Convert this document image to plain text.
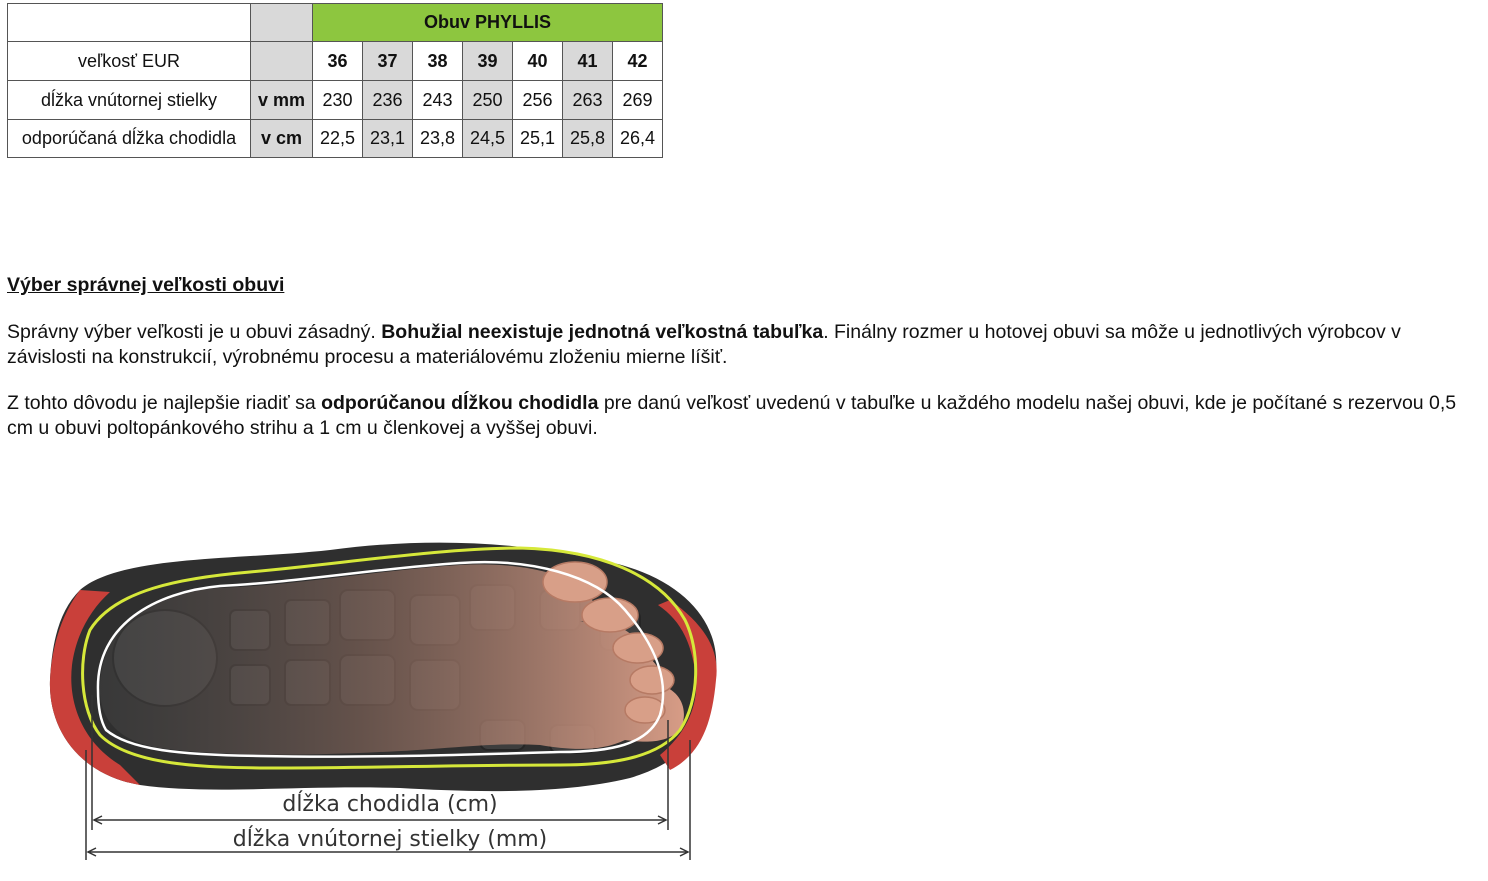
		Obuv PHYLLIS						
veľkosť EUR		36	37	38	39	40	41	42
dĺžka vnútornej stielky	v mm	230	236	243	250	256	263	269
odporúčaná dĺžka chodidla	v cm	22,5	23,1	23,8	24,5	25,1	25,8	26,4
Výber správnej veľkosti obuvi

Správny výber veľkosti je u obuvi zásadný. Bohužial neexistuje jednotná veľkostná tabuľka. Finálny rozmer u hotovej obuvi sa môže u jednotlivých výrobcov v závislosti na konstrukcií, výrobnému procesu a materiálovému zloženiu mierne líšiť.

Z tohto dôvodu je najlepšie riadiť sa odporúčanou dĺžkou chodidla pre danú veľkosť uvedenú v tabuľke u každého modelu našej obuvi, kde je počítané s rezervou 0,5 cm u obuvi poltopánkového strihu a 1 cm u členkovej a vyššej obuvi.

dĺžka chodidla (cm)
dĺžka vnútornej stielky (mm)
